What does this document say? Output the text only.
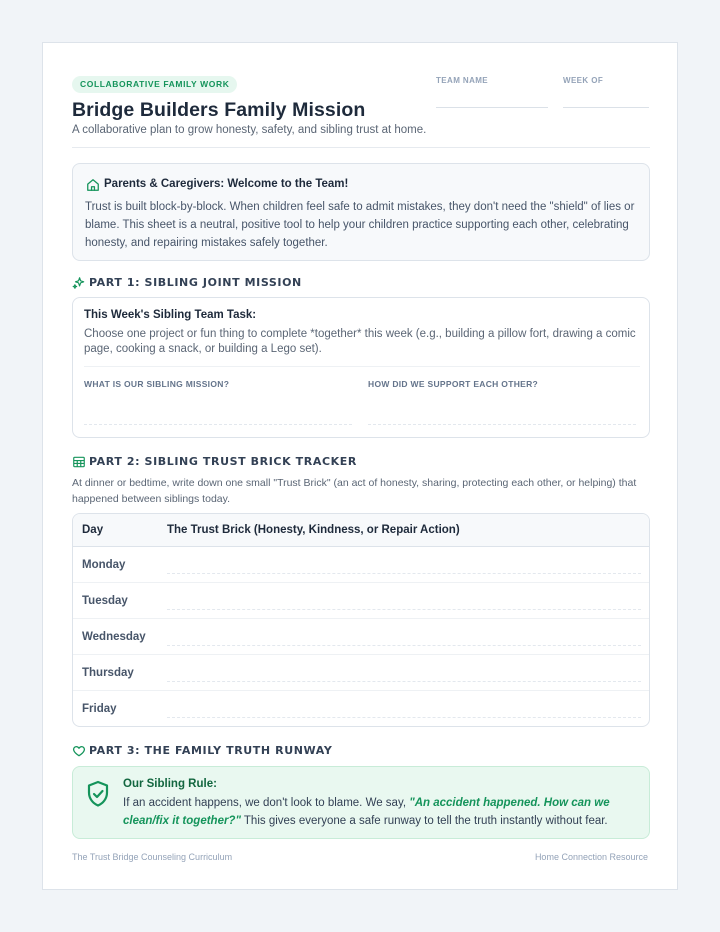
COLLABORATIVE FAMILY WORK
Bridge Builders Family Mission
A collaborative plan to grow honesty, safety, and sibling trust at home.
TEAM NAME	WEEK OF
Parents & Caregivers: Welcome to the Team!
Trust is built block-by-block. When children feel safe to admit mistakes, they don't need the "shield" of lies or blame. This sheet is a neutral, positive tool to help your children practice supporting each other, celebrating honesty, and repairing mistakes safely together.
PART 1: SIBLING JOINT MISSION
This Week's Sibling Team Task:
Choose one project or fun thing to complete *together* this week (e.g., building a pillow fort, drawing a comic page, cooking a snack, or building a Lego set).
WHAT IS OUR SIBLING MISSION?	HOW DID WE SUPPORT EACH OTHER?
PART 2: SIBLING TRUST BRICK TRACKER
At dinner or bedtime, write down one small "Trust Brick" (an act of honesty, sharing, protecting each other, or helping) that happened between siblings today.
Day	The Trust Brick (Honesty, Kindness, or Repair Action)
Monday
Tuesday
Wednesday
Thursday
Friday
PART 3: THE FAMILY TRUTH RUNWAY
Our Sibling Rule:
If an accident happens, we don't look to blame. We say, "An accident happened. How can we clean/fix it together?" This gives everyone a safe runway to tell the truth instantly without fear.
The Trust Bridge Counseling Curriculum	Home Connection Resource
